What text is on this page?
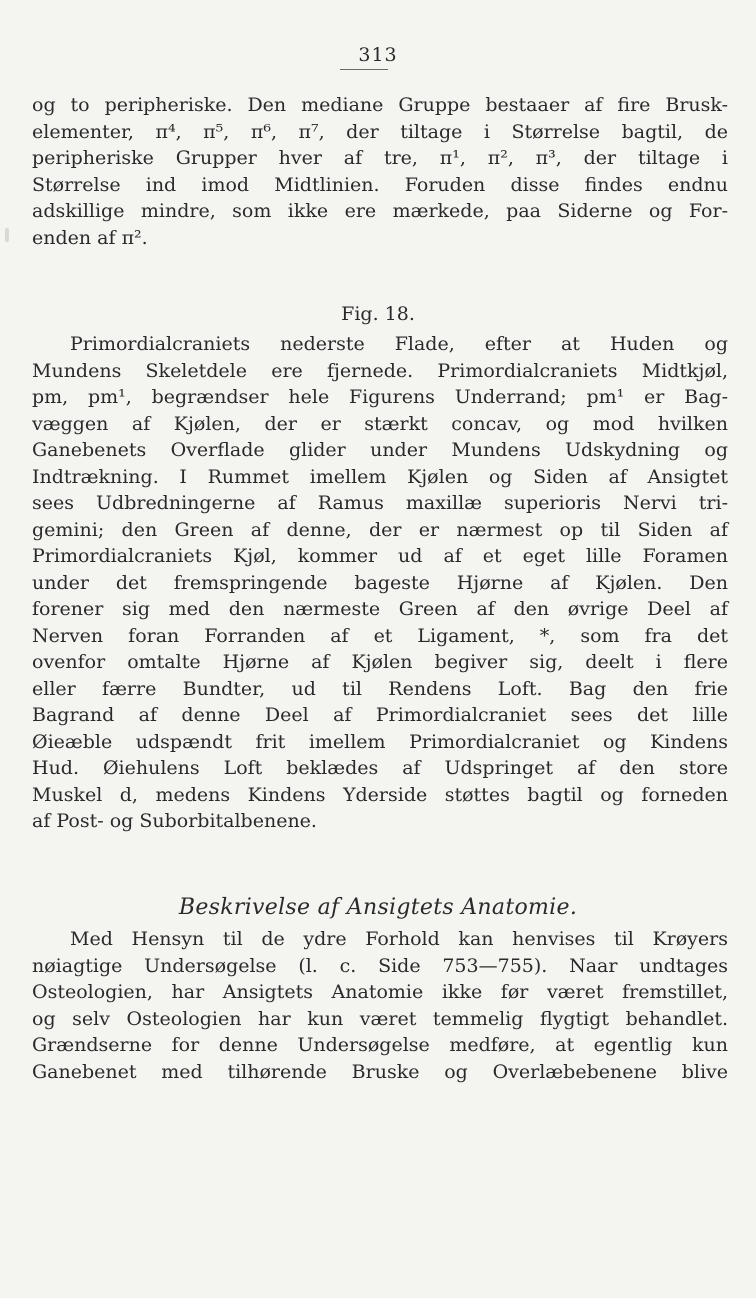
313
og to peripheriske. Den mediane Gruppe bestaaer af fire Brusk-
elementer, π⁴, π⁵, π⁶, π⁷, der tiltage i Størrelse bagtil, de
peripheriske Grupper hver af tre, π¹, π², π³, der tiltage i
Størrelse ind imod Midtlinien. Foruden disse findes endnu
adskillige mindre, som ikke ere mærkede, paa Siderne og For-
enden af π².
Fig. 18.
Primordialcraniets nederste Flade, efter at Huden og
Mundens Skeletdele ere fjernede. Primordialcraniets Midtkjøl,
pm, pm¹, begrændser hele Figurens Underrand; pm¹ er Bag-
væggen af Kjølen, der er stærkt concav, og mod hvilken
Ganebenets Overflade glider under Mundens Udskydning og
Indtrækning. I Rummet imellem Kjølen og Siden af Ansigtet
sees Udbredningerne af Ramus maxillæ superioris Nervi tri-
gemini; den Green af denne, der er nærmest op til Siden af
Primordialcraniets Kjøl, kommer ud af et eget lille Foramen
under det fremspringende bageste Hjørne af Kjølen. Den
forener sig med den nærmeste Green af den øvrige Deel af
Nerven foran Forranden af et Ligament, *, som fra det
ovenfor omtalte Hjørne af Kjølen begiver sig, deelt i flere
eller færre Bundter, ud til Rendens Loft. Bag den frie
Bagrand af denne Deel af Primordialcraniet sees det lille
Øieæble udspændt frit imellem Primordialcraniet og Kindens
Hud. Øiehulens Loft beklædes af Udspringet af den store
Muskel d, medens Kindens Yderside støttes bagtil og forneden
af Post- og Suborbitalbenene.
Beskrivelse af Ansigtets Anatomie.
Med Hensyn til de ydre Forhold kan henvises til Krøyers
nøiagtige Undersøgelse (l. c. Side 753—755). Naar undtages
Osteologien, har Ansigtets Anatomie ikke før været fremstillet,
og selv Osteologien har kun været temmelig flygtigt behandlet.
Grændserne for denne Undersøgelse medføre, at egentlig kun
Ganebenet med tilhørende Bruske og Overlæbebenene blive
